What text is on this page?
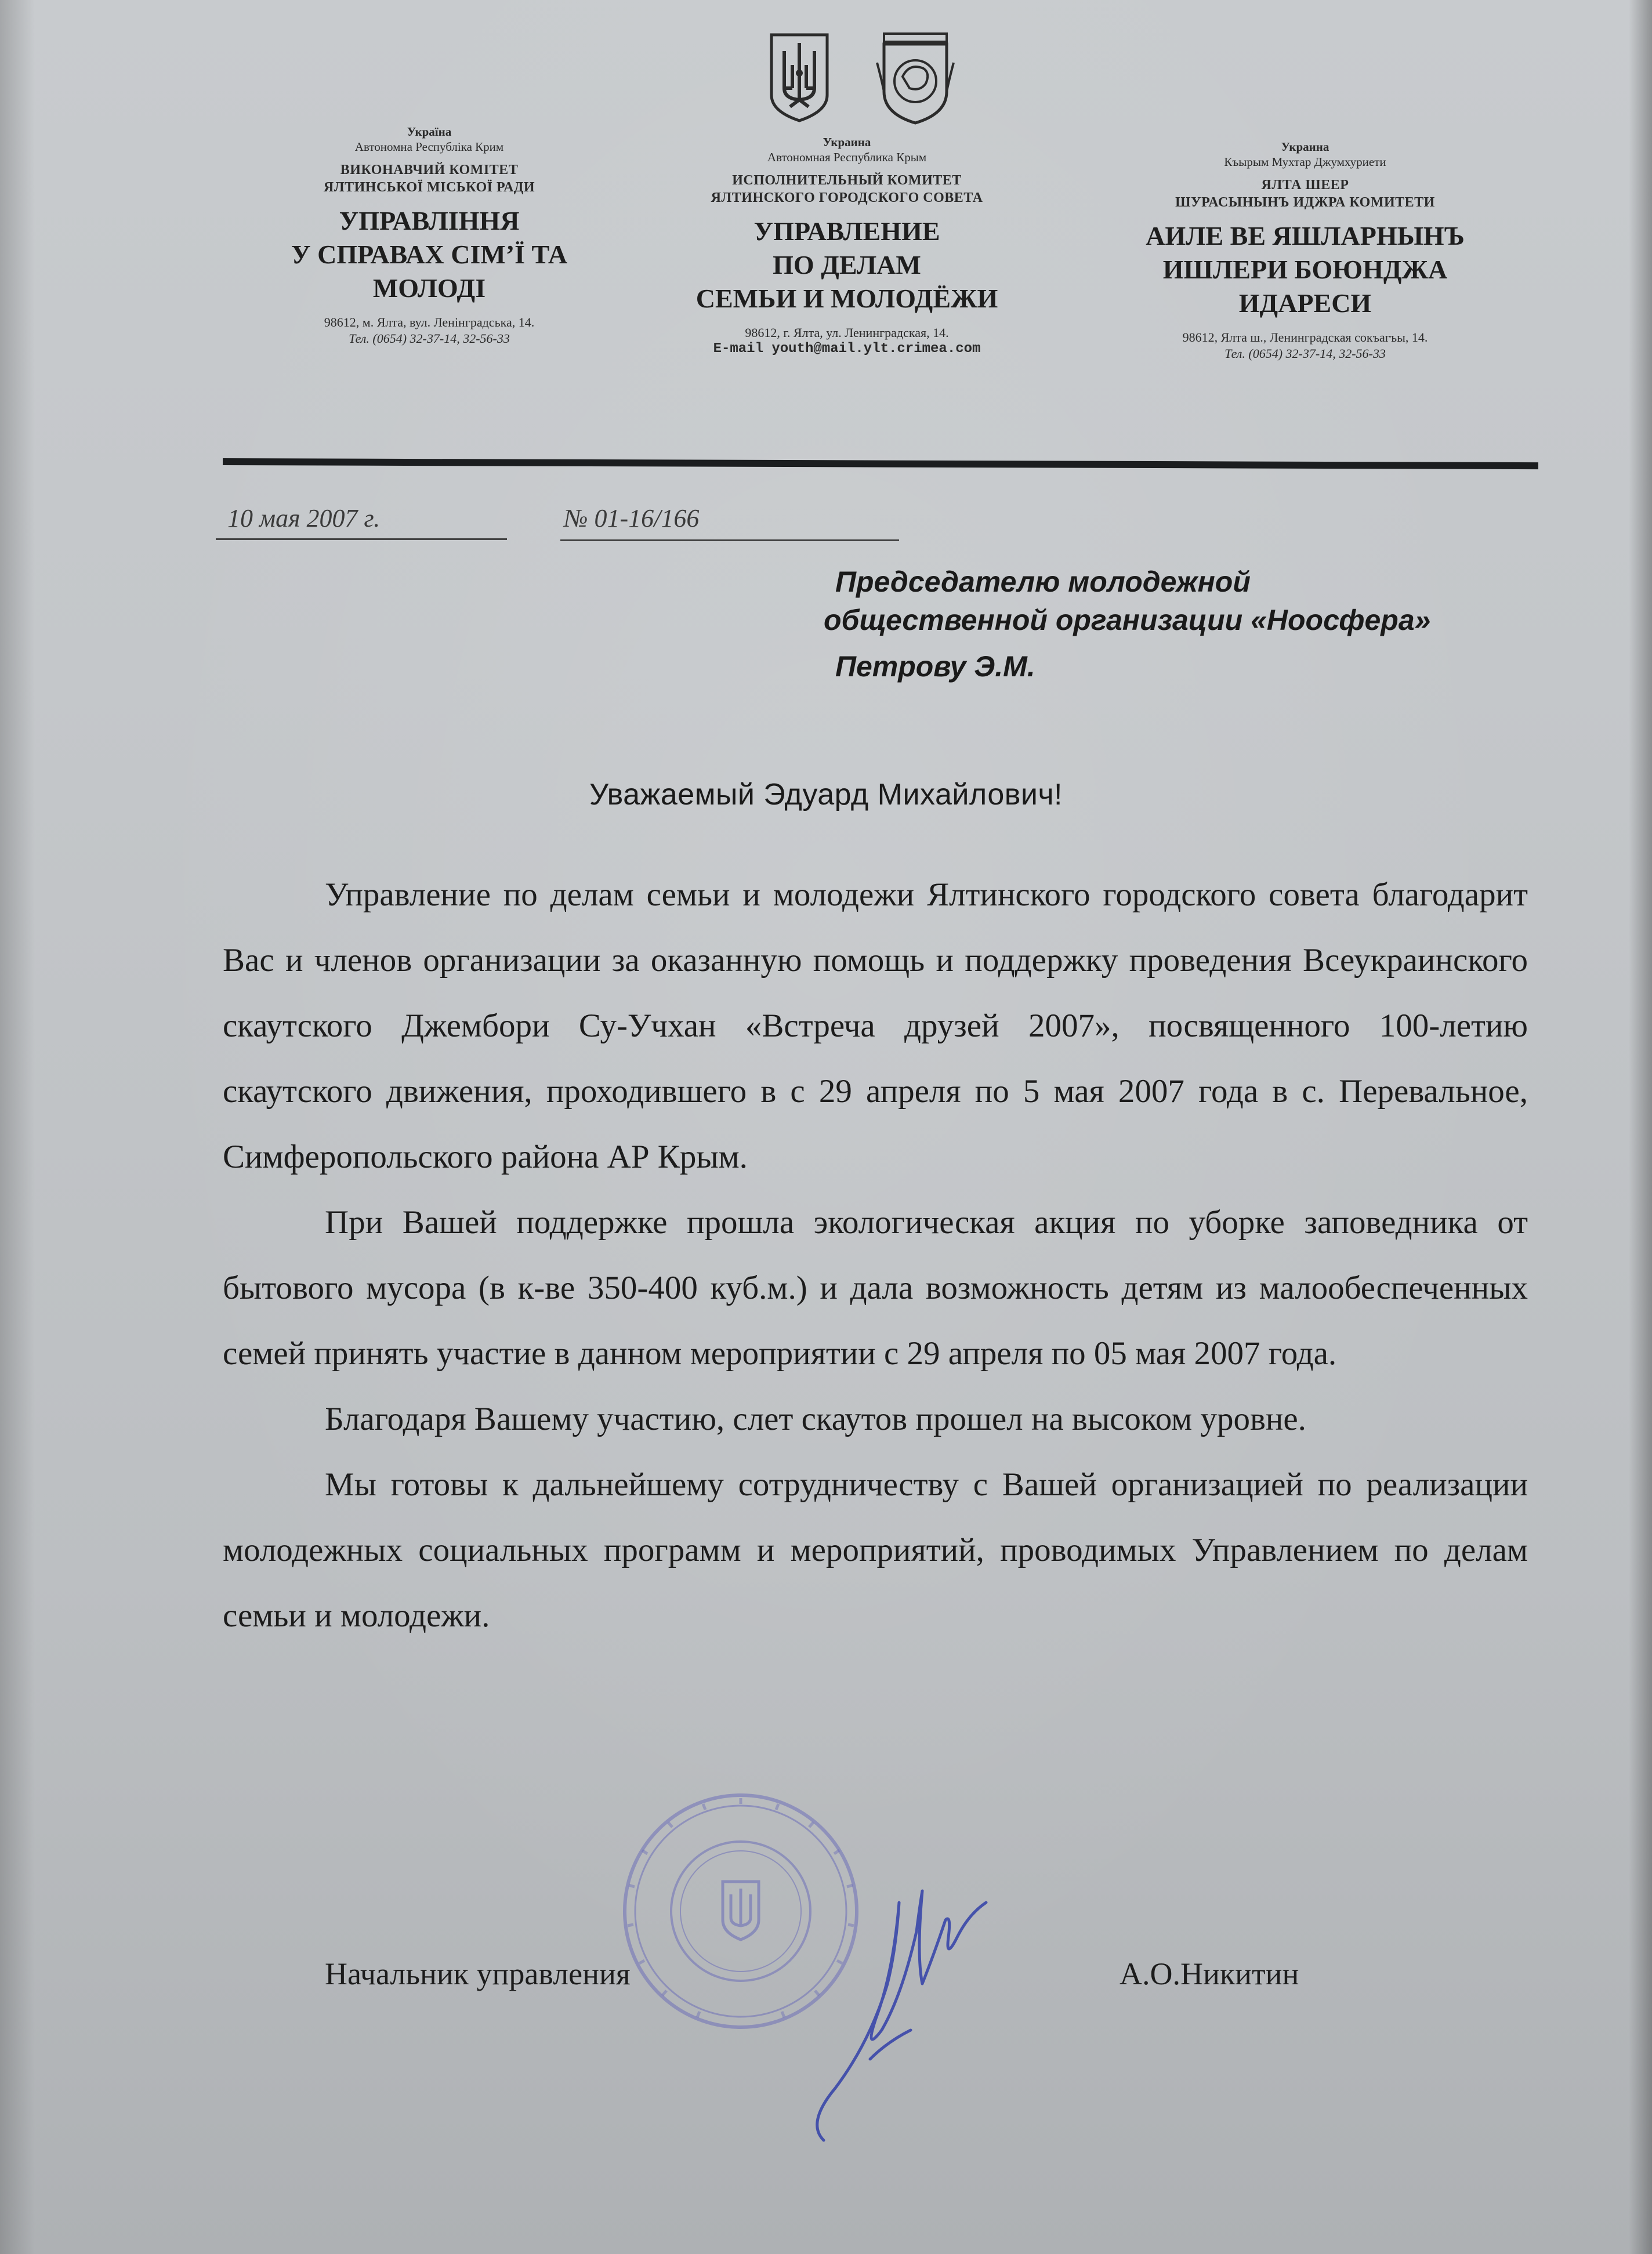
Україна
Автономна Республіка Крим
ВИКОНАВЧИЙ КОМІТЕТ
ЯЛТИНСЬКОЇ МІСЬКОЇ РАДИ
УПРАВЛІННЯ
У СПРАВАХ СІМ’Ї ТА
МОЛОДІ
98612, м. Ялта, вул. Ленінградська, 14.
Тел. (0654) 32-37-14, 32-56-33
Украина
Автономная Республика Крым
ИСПОЛНИТЕЛЬНЫЙ КОМИТЕТ
ЯЛТИНСКОГО ГОРОДСКОГО СОВЕТА
УПРАВЛЕНИЕ
ПО ДЕЛАМ
СЕМЬИ И МОЛОДЁЖИ
98612, г. Ялта, ул. Ленинградская, 14.
E-mail youth@mail.ylt.crimea.com
Украина
Къырым Мухтар Джумхуриети
ЯЛТА ШЕЕР
ШУРАСЫНЫНЪ ИДЖРА КОМИТЕТИ
АИЛЕ ВЕ ЯШЛАРНЫНЪ
ИШЛЕРИ БОЮНДЖА
ИДАРЕСИ
98612, Ялта ш., Ленинградская сокъагъы, 14.
Тел. (0654) 32-37-14, 32-56-33
10 мая 2007 г.	№ 01-16/166
Председателю молодежной
общественной организации «Ноосфера»
Петрову Э.М.
Уважаемый Эдуард Михайлович!

Управление по делам семьи и молодежи Ялтинского городского совета благодарит Вас и членов организации за оказанную помощь и поддержку проведения Всеукраинского скаутского Джембори Су-Учхан «Встреча друзей 2007», посвященного 100-летию скаутского движения, проходившего в с 29 апреля по 5 мая 2007 года в с. Перевальное, Симферопольского района АР Крым.

При Вашей поддержке прошла экологическая акция по уборке заповедника от бытового мусора (в к-ве 350-400 куб.м.) и дала возможность детям из малообеспеченных семей принять участие в данном мероприятии с 29 апреля по 05 мая 2007 года.

Благодаря Вашему участию, слет скаутов прошел на высоком уровне.

Мы готовы к дальнейшему сотрудничеству с Вашей организацией по реализации молодежных социальных программ и мероприятий, проводимых Управлением по делам семьи и молодежи.

Начальник управления	А.О.Никитин
